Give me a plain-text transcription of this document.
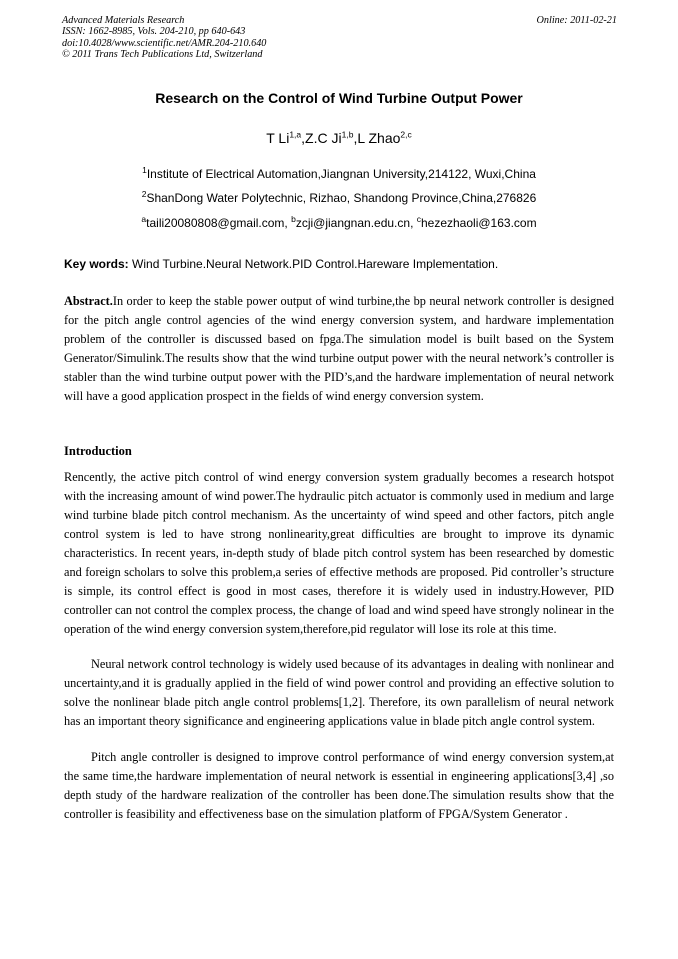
Advanced Materials Research
ISSN: 1662-8985, Vols. 204-210, pp 640-643
doi:10.4028/www.scientific.net/AMR.204-210.640
© 2011 Trans Tech Publications Ltd, Switzerland
Online: 2011-02-21
Research on the Control of Wind Turbine Output Power
T Li$^{1,a}$,Z.C Ji$^{1,b}$,L Zhao$^{2,c}$
$^1$Institute of Electrical Automation,Jiangnan University,214122, Wuxi,China
$^2$ShanDong Water Polytechnic, Rizhao, Shandong Province,China,276826
$^a$taili20080808@gmail.com, $^b$zcji@jiangnan.edu.cn, $^c$hezezhaoli@163.com
Key words: Wind Turbine.Neural Network.PID Control.Hareware Implementation.

Abstract.In order to keep the stable power output of wind turbine,the bp neural network controller is designed for the pitch angle control agencies of the wind energy conversion system, and hardware implementation problem of the controller is discussed based on fpga.The simulation model is built based on the System Generator/Simulink.The results show that the wind turbine output power with the neural network’s controller is stabler than the wind turbine output power with the PID’s,and the hardware implementation of neural network will have a good application prospect in the fields of wind energy conversion system.

Introduction

Rencently, the active pitch control of wind energy conversion system gradually becomes a research hotspot with the increasing amount of wind power.The hydraulic pitch actuator is commonly used in medium and large wind turbine blade pitch control mechanism. As the uncertainty of wind speed and other factors, pitch angle control system is led to have strong nonlinearity,great difficulties are brought to improve its dynamic characteristics. In recent years, in-depth study of blade pitch control system has been researched by domestic and foreign scholars to solve this problem,a series of effective methods are proposed. Pid controller’s structure is simple, its control effect is good in most cases, therefore it is widely used in industry.However, PID controller can not control the complex process, the change of load and wind speed have strongly nolinear in the operation of the wind energy conversion system,therefore,pid regulator will lose its role at this time.

Neural network control technology is widely used because of its advantages in dealing with nonlinear and uncertainty,and it is gradually applied in the field of wind power control and providing an effective solution to solve the nonlinear blade pitch angle control problems[1,2]. Therefore, its own parallelism of neural network has an important theory significance and engineering applications value in blade pitch angle control system.

Pitch angle controller is designed to improve control performance of wind energy conversion system,at the same time,the hardware implementation of neural network is essential in engineering applications[3,4] ,so depth study of the hardware realization of the controller has been done.The simulation results show that the controller is feasibility and effectiveness base on the simulation platform of FPGA/System Generator .
